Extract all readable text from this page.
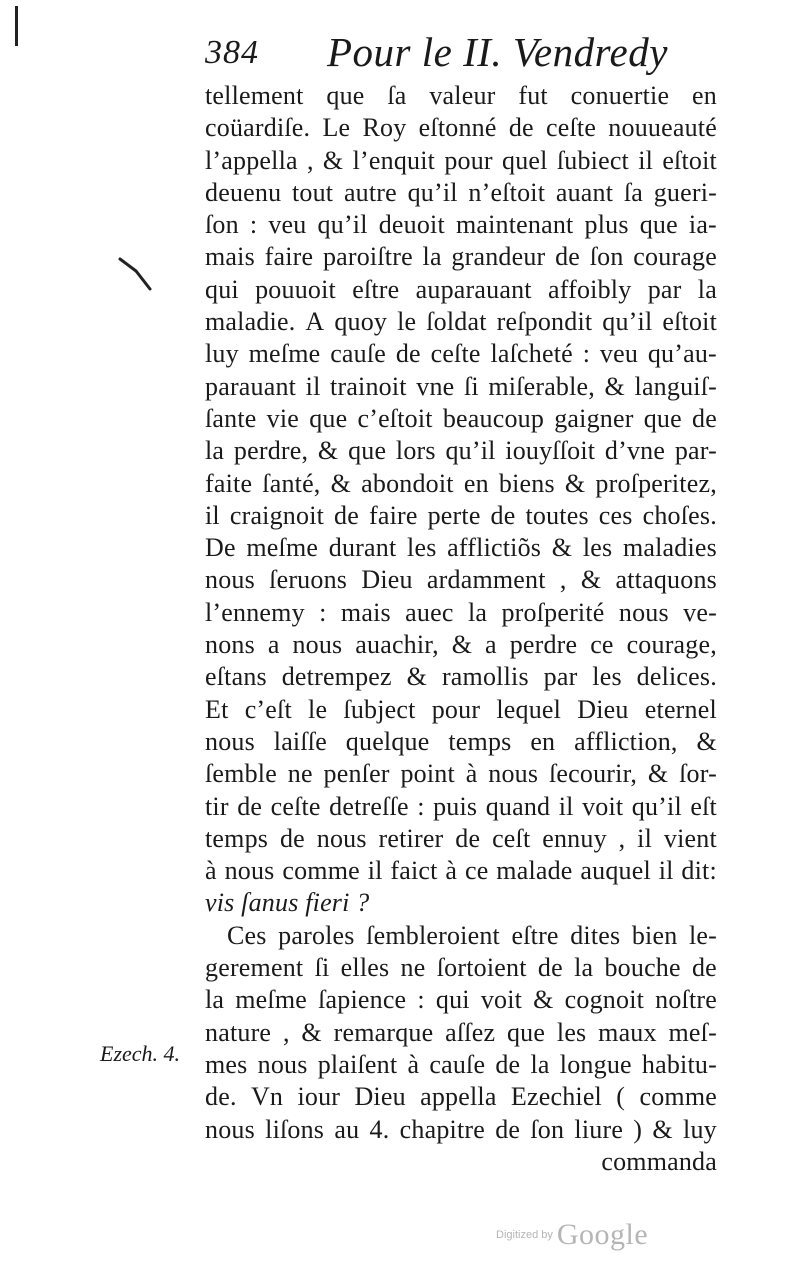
384 Pour le II. Vendredy
tellement que ſa valeur fut conuertie en
coüardiſe. Le Roy eſtonné de ceſte nouueauté
l’appella , & l’enquit pour quel ſubiect il eſtoit
deuenu tout autre qu’il n’eſtoit auant ſa gueri-
ſon : veu qu’il deuoit maintenant plus que ia-
mais faire paroiſtre la grandeur de ſon courage
qui pouuoit eſtre auparauant affoibly par la
maladie. A quoy le ſoldat reſpondit qu’il eſtoit
luy meſme cauſe de ceſte laſcheté : veu qu’au-
parauant il trainoit vne ſi miſerable, & languiſ-
ſante vie que c’eſtoit beaucoup gaigner que de
la perdre, & que lors qu’il iouyſſoit d’vne par-
faite ſanté, & abondoit en biens & proſperitez,
il craignoit de faire perte de toutes ces choſes.
De meſme durant les afflictiõs & les maladies
nous ſeruons Dieu ardamment , & attaquons
l’ennemy : mais auec la proſperité nous ve-
nons a nous auachir, & a perdre ce courage,
eſtans detrempez & ramollis par les delices.
Et c’eſt le ſubject pour lequel Dieu eternel
nous laiſſe quelque temps en affliction, &
ſemble ne penſer point à nous ſecourir, & ſor-
tir de ceſte detreſſe : puis quand il voit qu’il eſt
temps de nous retirer de ceſt ennuy , il vient
à nous comme il faict à ce malade auquel il dit:
vis ſanus fieri ?
Ces paroles ſembleroient eſtre dites bien le-
gerement ſi elles ne ſortoient de la bouche de
la meſme ſapience : qui voit & cognoit noſtre
nature , & remarque aſſez que les maux meſ-
mes nous plaiſent à cauſe de la longue habitu-
de. Vn iour Dieu appella Ezechiel ( comme
nous liſons au 4. chapitre de ſon liure ) & luy
commanda
Ezech. 4.
Digitized by Google
